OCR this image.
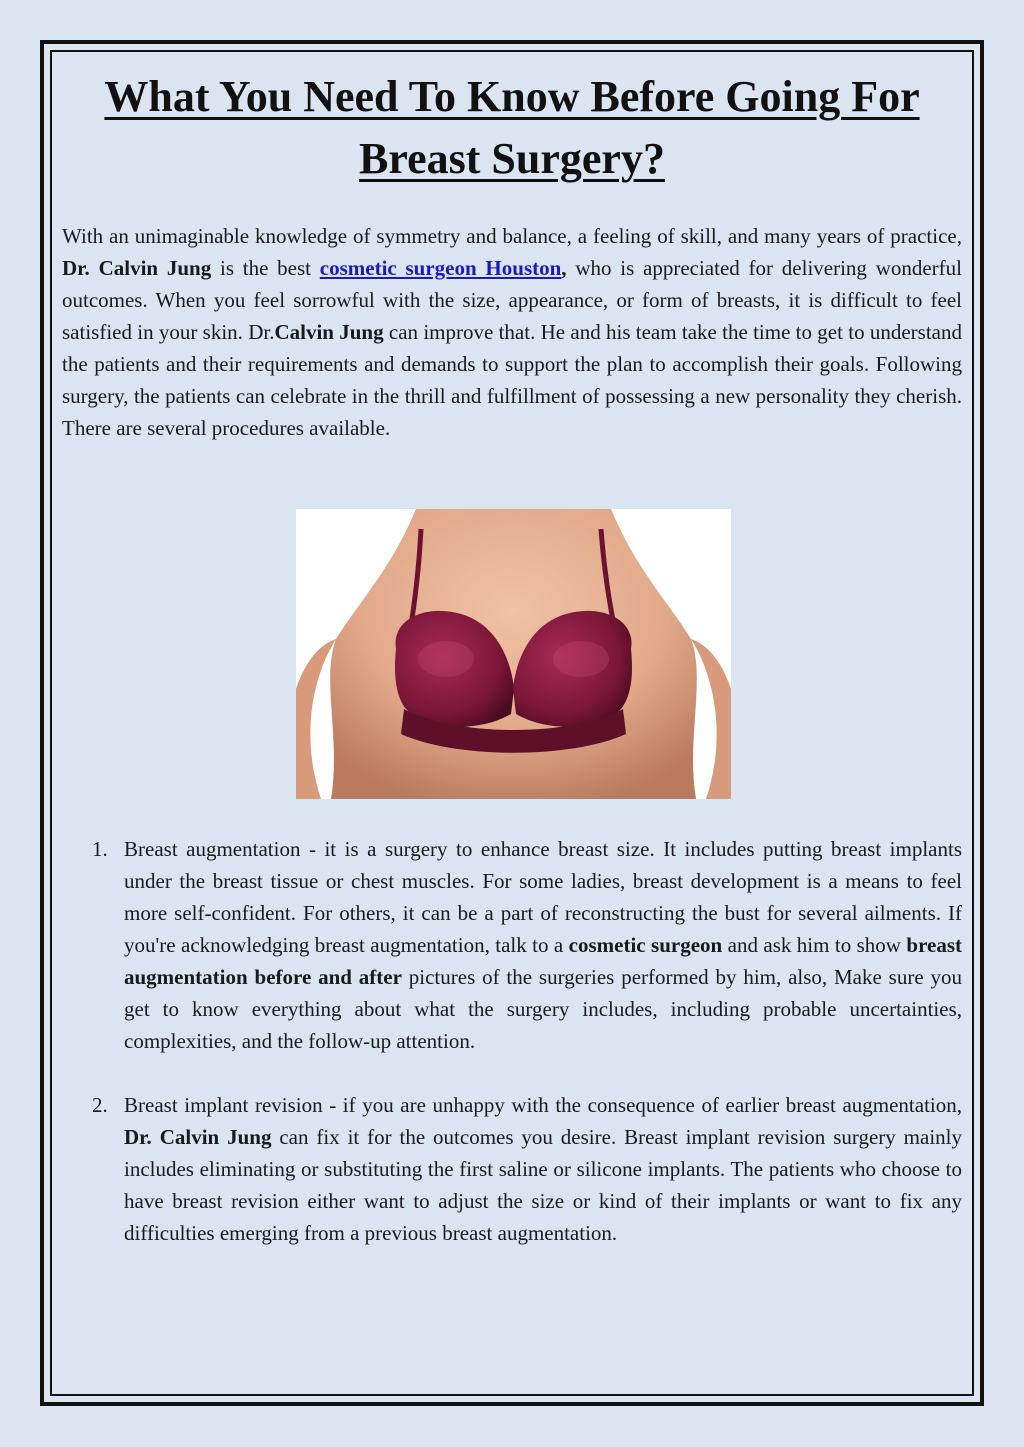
What You Need To Know Before Going For Breast Surgery?

With an unimaginable knowledge of symmetry and balance, a feeling of skill, and many years of practice, Dr. Calvin Jung is the best cosmetic surgeon Houston, who is appreciated for delivering wonderful outcomes. When you feel sorrowful with the size, appearance, or form of breasts, it is difficult to feel satisfied in your skin. Dr.Calvin Jung can improve that. He and his team take the time to get to understand the patients and their requirements and demands to support the plan to accomplish their goals. Following surgery, the patients can celebrate in the thrill and fulfillment of possessing a new personality they cherish. There are several procedures available.

1. Breast augmentation - it is a surgery to enhance breast size. It includes putting breast implants under the breast tissue or chest muscles. For some ladies, breast development is a means to feel more self-confident. For others, it can be a part of reconstructing the bust for several ailments. If you're acknowledging breast augmentation, talk to a cosmetic surgeon and ask him to show breast augmentation before and after pictures of the surgeries performed by him, also, Make sure you get to know everything about what the surgery includes, including probable uncertainties, complexities, and the follow-up attention.
2. Breast implant revision - if you are unhappy with the consequence of earlier breast augmentation, Dr. Calvin Jung can fix it for the outcomes you desire. Breast implant revision surgery mainly includes eliminating or substituting the first saline or silicone implants. The patients who choose to have breast revision either want to adjust the size or kind of their implants or want to fix any difficulties emerging from a previous breast augmentation.
